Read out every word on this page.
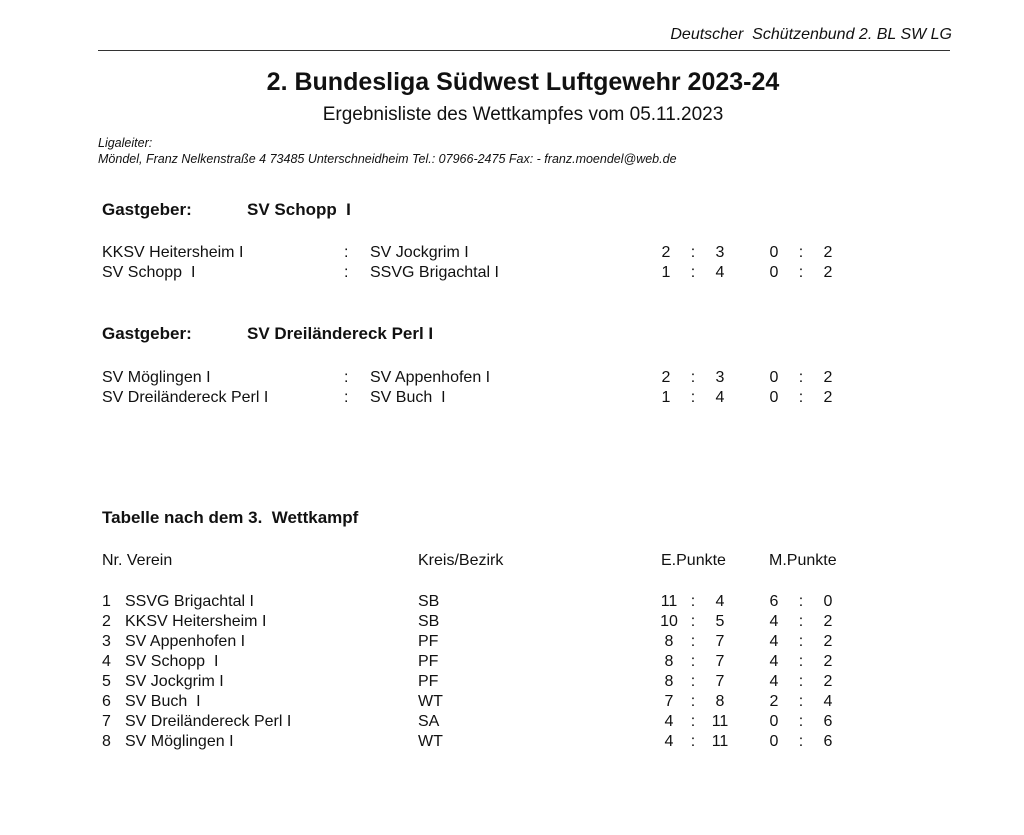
Deutscher  Schützenbund 2. BL SW LG
2. Bundesliga Südwest Luftgewehr 2023-24
Ergebnisliste des Wettkampfes vom 05.11.2023
Ligaleiter:
Möndel, Franz Nelkenstraße 4 73485 Unterschneidheim Tel.: 07966-2475 Fax: - franz.moendel@web.de
Gastgeber:	SV Schopp  I
KKSV Heitersheim I	: SV Jockgrim I	2	:	3	0	:	2
SV Schopp  I	: SSVG Brigachtal I	1	:	4	0	:	2
Gastgeber:	SV Dreiländereck Perl I
SV Möglingen I	: SV Appenhofen I	2	:	3	0	:	2
SV Dreiländereck Perl I	: SV Buch  I	1	:	4	0	:	2
Tabelle nach dem 3.  Wettkampf
Nr. Verein	Kreis/Bezirk	E.Punkte	M.Punkte
1 SSVG Brigachtal I	SB	11 :	4	6	:	0
2 KKSV Heitersheim I	SB	10 :	5	4	:	2
3 SV Appenhofen I	PF	8	:	7	4	:	2
4 SV Schopp  I	PF	8	:	7	4	:	2
5 SV Jockgrim I	PF	8	:	7	4	:	2
6 SV Buch  I	WT	7	:	8	2	:	4
7 SV Dreiländereck Perl I	SA	4	:	11	0	:	6
8 SV Möglingen I	WT	4	:	11	0	:	6
